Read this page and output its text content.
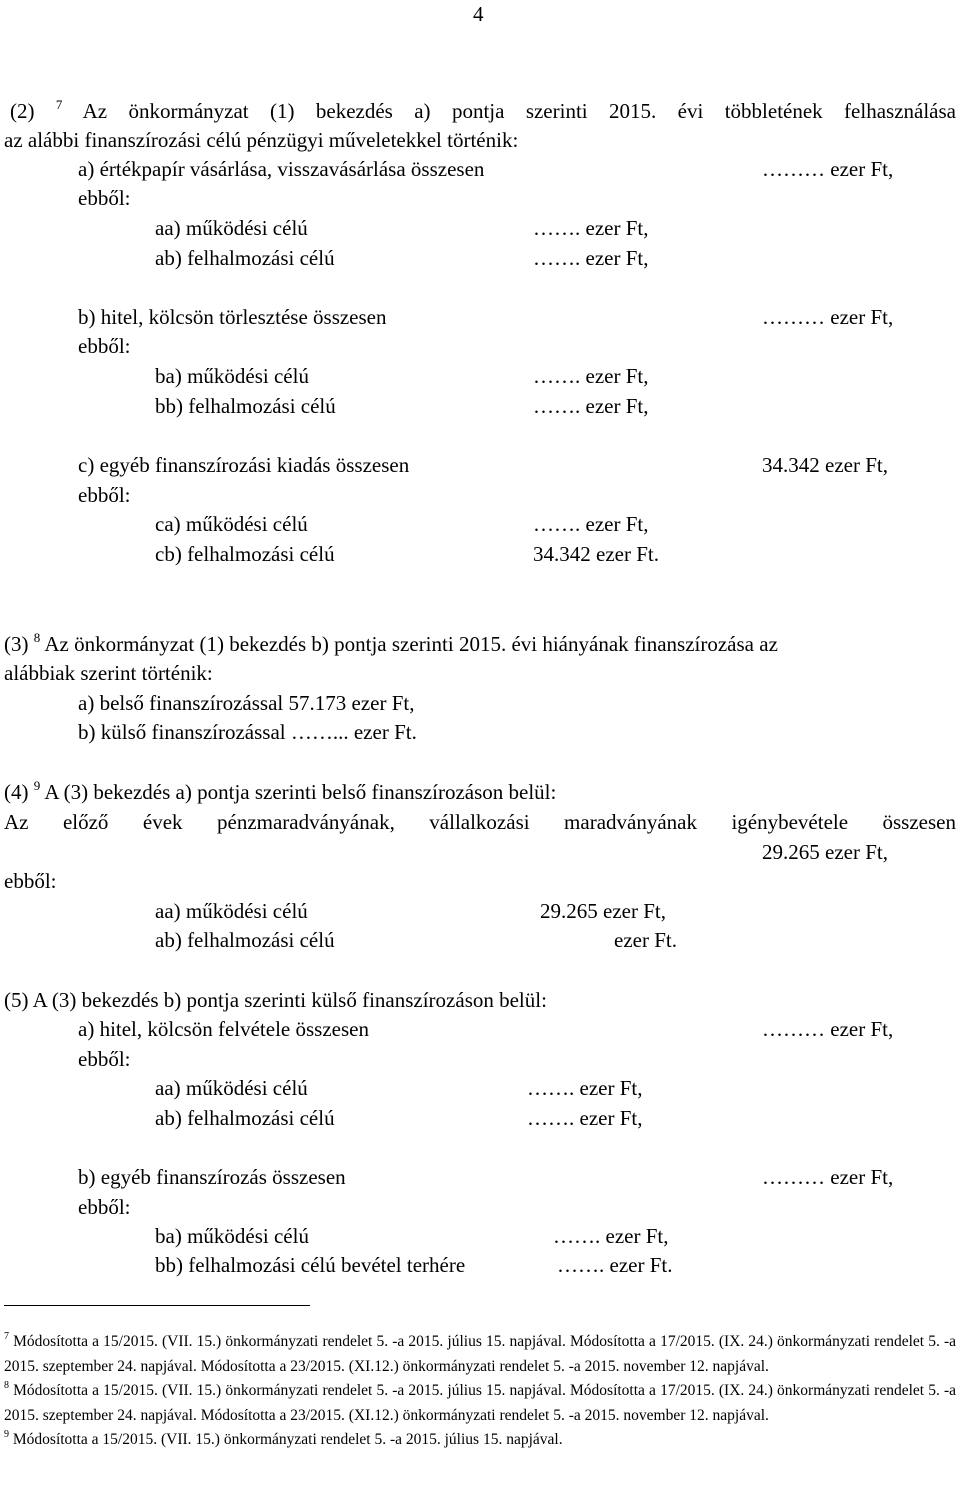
4
(2) $^7$ Az önkormányzat (1) bekezdés a) pontja szerinti 2015. évi többletének felhasználása
az alábbi finanszírozási célú pénzügyi műveletekkel történik:
a) értékpapír vásárlása, visszavásárlása összesen	……… ezer Ft,
ebből:
aa) működési célú	……. ezer Ft,
ab) felhalmozási célú	……. ezer Ft,
b) hitel, kölcsön törlesztése összesen	……… ezer Ft,
ebből:
ba) működési célú	……. ezer Ft,
bb) felhalmozási célú	……. ezer Ft,
c) egyéb finanszírozási kiadás összesen	34.342 ezer Ft,
ebből:
ca) működési célú	……. ezer Ft,
cb) felhalmozási célú	34.342 ezer Ft.
(3) $^8$ Az önkormányzat (1) bekezdés b) pontja szerinti 2015. évi hiányának finanszírozása az
alábbiak szerint történik:
a) belső finanszírozással 57.173 ezer Ft,
b) külső finanszírozással ……... ezer Ft.
(4) $^9$ A (3) bekezdés a) pontja szerinti belső finanszírozáson belül:
Az előző évek pénzmaradványának, vállalkozási maradványának igénybevétele összesen
29.265 ezer Ft,
ebből:
aa) működési célú	29.265 ezer Ft,
ab) felhalmozási célú	ezer Ft.
(5) A (3) bekezdés b) pontja szerinti külső finanszírozáson belül:
a) hitel, kölcsön felvétele összesen	……… ezer Ft,
ebből:
aa) működési célú	……. ezer Ft,
ab) felhalmozási célú	……. ezer Ft,
b) egyéb finanszírozás összesen	……… ezer Ft,
ebből:
ba) működési célú	……. ezer Ft,
bb) felhalmozási célú bevétel terhére	……. ezer Ft.

$^7$ Módosította a 15/2015. (VII. 15.) önkormányzati rendelet 5. -a 2015. július 15. napjával. Módosította a 17/2015. (IX. 24.) önkormányzati rendelet 5. -a 2015. szeptember 24. napjával. Módosította a 23/2015. (XI.12.) önkormányzati rendelet 5. -a 2015. november 12. napjával.

$^8$ Módosította a 15/2015. (VII. 15.) önkormányzati rendelet 5. -a 2015. július 15. napjával. Módosította a 17/2015. (IX. 24.) önkormányzati rendelet 5. -a 2015. szeptember 24. napjával. Módosította a 23/2015. (XI.12.) önkormányzati rendelet 5. -a 2015. november 12. napjával.

$^9$ Módosította a 15/2015. (VII. 15.) önkormányzati rendelet 5. -a 2015. július 15. napjával.
